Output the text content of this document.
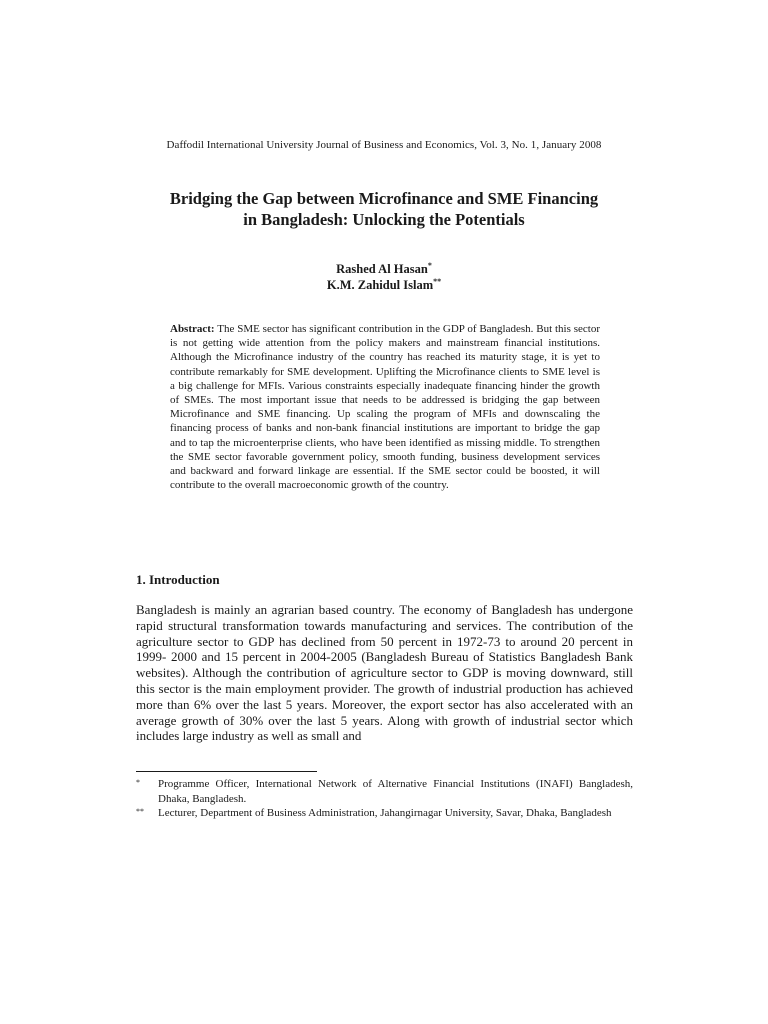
Daffodil International University Journal of Business and Economics, Vol. 3, No. 1, January 2008
Bridging the Gap between Microfinance and SME Financing
in Bangladesh: Unlocking the Potentials
Rashed Al Hasan*
K.M. Zahidul Islam**
Abstract: The SME sector has significant contribution in the GDP of Bangladesh. But this sector is not getting wide attention from the policy makers and mainstream financial institutions. Although the Microfinance industry of the country has reached its maturity stage, it is yet to contribute remarkably for SME development. Uplifting the Microfinance clients to SME level is a big challenge for MFIs. Various constraints especially inadequate financing hinder the growth of SMEs. The most important issue that needs to be addressed is bridging the gap between Microfinance and SME financing. Up scaling the program of MFIs and downscaling the financing process of banks and non-bank financial institutions are important to bridge the gap and to tap the microenterprise clients, who have been identified as missing middle. To strengthen the SME sector favorable government policy, smooth funding, business development services and backward and forward linkage are essential. If the SME sector could be boosted, it will contribute to the overall macroeconomic growth of the country.
1. Introduction
Bangladesh is mainly an agrarian based country. The economy of Bangladesh has undergone rapid structural transformation towards manufacturing and services. The contribution of the agriculture sector to GDP has declined from 50 percent in 1972-73 to around 20 percent in 1999- 2000 and 15 percent in 2004-2005 (Bangladesh Bureau of Statistics Bangladesh Bank websites). Although the contribution of agriculture sector to GDP is moving downward, still this sector is the main employment provider. The growth of industrial production has achieved more than 6% over the last 5 years. Moreover, the export sector has also accelerated with an average growth of 30% over the last 5 years. Along with growth of industrial sector which includes large industry as well as small and
*	Programme Officer, International Network of Alternative Financial Institutions (INAFI) Bangladesh, Dhaka, Bangladesh.
**	Lecturer, Department of Business Administration, Jahangirnagar University, Savar, Dhaka, Bangladesh
